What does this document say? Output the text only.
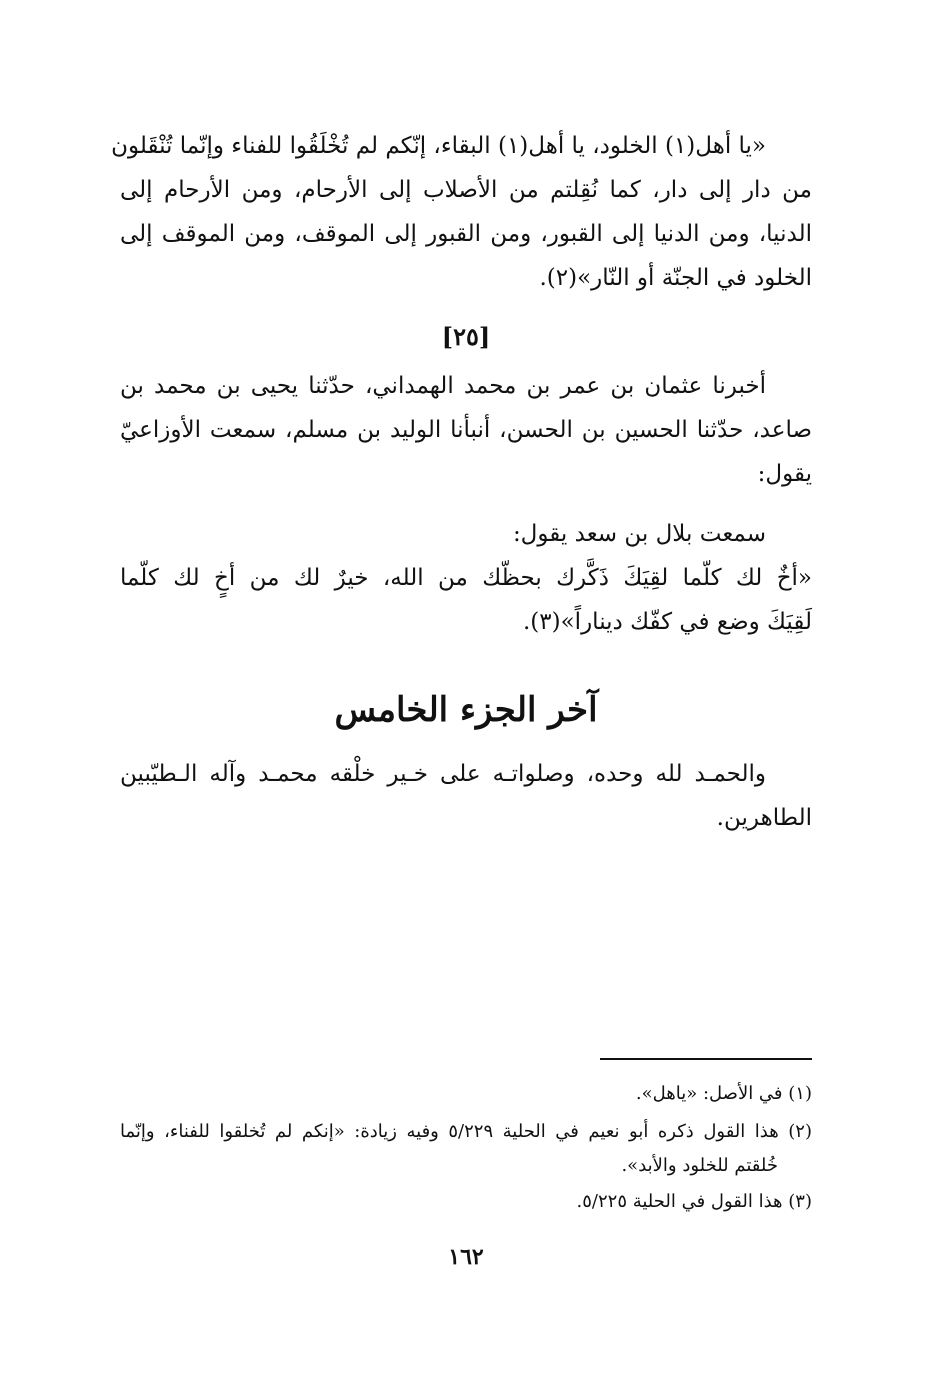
«يا أهل(١) الخلود، يا أهل(١) البقاء، إنّكم لم تُخْلَقُوا للفناء وإنّما تُنْقَلون
من دار إلى دار، كما نُقِلتم من الأصلاب إلى الأرحام، ومن الأرحام إلى
الدنيا، ومن الدنيا إلى القبور، ومن القبور إلى الموقف، ومن الموقف إلى
الخلود في الجنّة أو النّار»(٢).
[٢٥]
أخبرنا عثمان بن عمر بن محمد الهمداني، حدّثنا يحيى بن محمد بن
صاعد، حدّثنا الحسين بن الحسن، أنبأنا الوليد بن مسلم، سمعت الأوزاعيّ
يقول:
سمعت بلال بن سعد يقول:
«أخٌ لك كلّما لقِيَكَ ذَكَّرك بحظّك من الله، خيرٌ لك من أخٍ لك كلّما
لَقِيَكَ وضع في كفّك ديناراً»(٣).
آخر الجزء الخامس
والحمـد لله وحده، وصلواتـه على خـير خلْقه محمـد وآله الـطيّبين
الطاهرين.
(١) في الأصل: «ياهل».
(٢) هذا القول ذكره أبو نعيم في الحلية ٥/٢٢٩ وفيه زيادة: «إنكم لم تُخلقوا للفناء، وإنّما
خُلقتم للخلود والأبد».
(٣) هذا القول في الحلية ٥/٢٢٥.
١٦٢
